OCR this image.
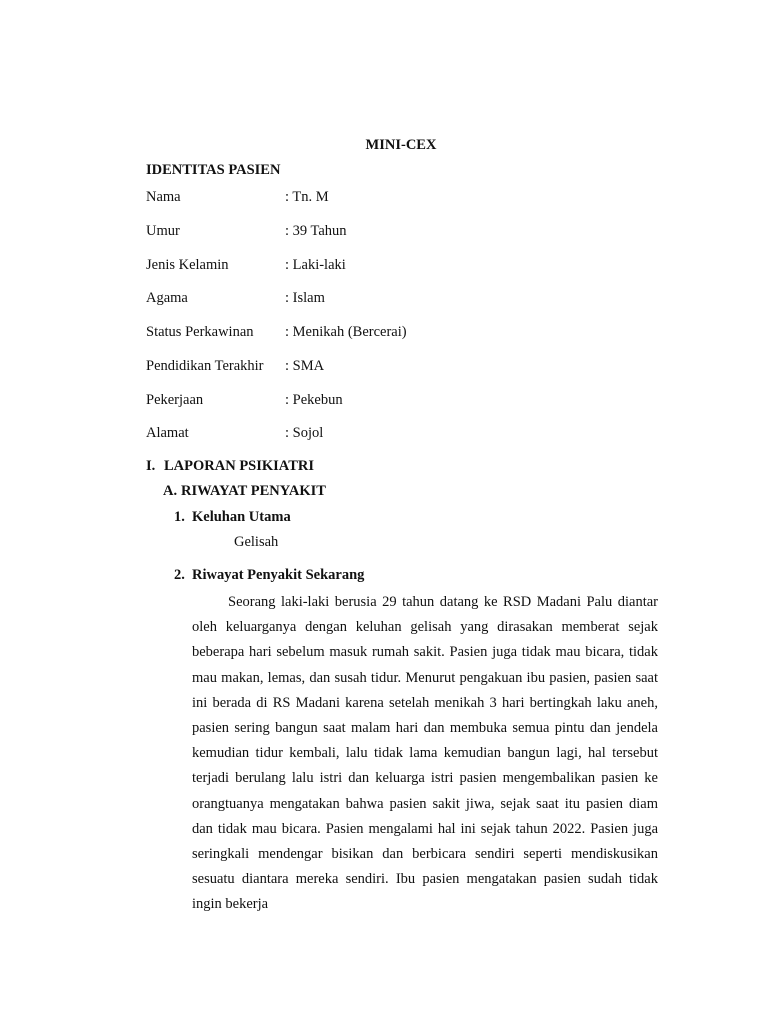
MINI-CEX
IDENTITAS PASIEN
Nama	: Tn. M
Umur	: 39 Tahun
Jenis Kelamin	: Laki-laki
Agama	: Islam
Status Perkawinan : Menikah (Bercerai)
Pendidikan Terakhir : SMA
Pekerjaan	: Pekebun
Alamat	: Sojol
I. LAPORAN PSIKIATRI
A. RIWAYAT PENYAKIT
1. Keluhan Utama
Gelisah
2. Riwayat Penyakit Sekarang
Seorang laki-laki berusia 29 tahun datang ke RSD Madani Palu diantar oleh keluarganya dengan keluhan gelisah yang dirasakan memberat sejak beberapa hari sebelum masuk rumah sakit. Pasien juga tidak mau bicara, tidak mau makan, lemas, dan susah tidur. Menurut pengakuan ibu pasien, pasien saat ini berada di RS Madani karena setelah menikah 3 hari bertingkah laku aneh, pasien sering bangun saat malam hari dan membuka semua pintu dan jendela kemudian tidur kembali, lalu tidak lama kemudian bangun lagi, hal tersebut terjadi berulang lalu istri dan keluarga istri pasien mengembalikan pasien ke orangtuanya mengatakan bahwa pasien sakit jiwa, sejak saat itu pasien diam dan tidak mau bicara. Pasien mengalami hal ini sejak tahun 2022. Pasien juga seringkali mendengar bisikan dan berbicara sendiri seperti mendiskusikan sesuatu diantara mereka sendiri. Ibu pasien mengatakan pasien sudah tidak ingin bekerja
